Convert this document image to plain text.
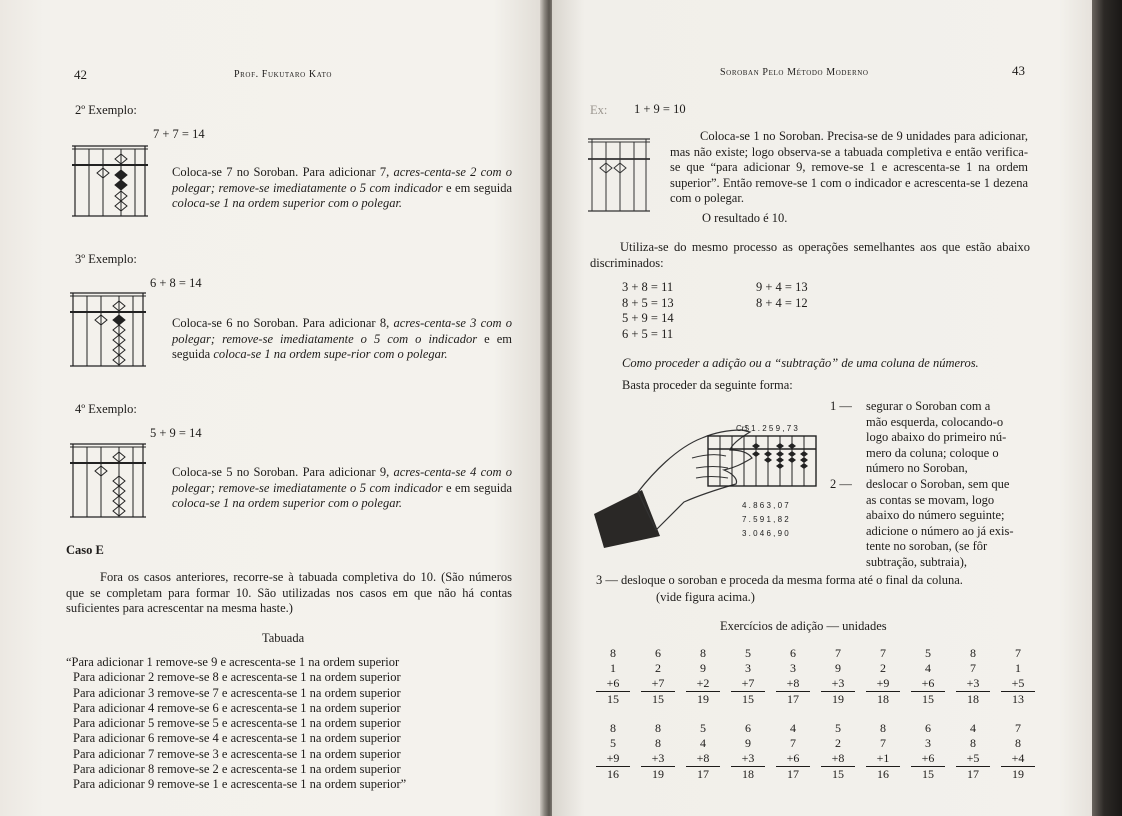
42	Prof. Fukutaro Kato
2º Exemplo:
7 + 7 = 14
Coloca-se 7 no Soroban. Para adicionar 7, acres-centa-se 2 com o polegar; remove-se imediatamente o 5 com indicador e em seguida coloca-se 1 na ordem superior com o polegar.
3º Exemplo:
6 + 8 = 14
Coloca-se 6 no Soroban. Para adicionar 8, acres-centa-se 3 com o polegar; remove-se imediatamente o 5 com o indicador e em seguida coloca-se 1 na ordem supe-rior com o polegar.
4º Exemplo:
5 + 9 = 14
Coloca-se 5 no Soroban. Para adicionar 9, acres-centa-se 4 com o polegar; remove-se imediatamente o 5 com indicador e em seguida coloca-se 1 na ordem superior com o polegar.
Caso E
Fora os casos anteriores, recorre-se à tabuada completiva do 10. (São números que se completam para formar 10. São utilizadas nos casos em que não há contas suficientes para acrescentar na mesma haste.)
Tabuada
“Para adicionar 1 remove-se 9 e acrescenta-se 1 na ordem superior
Para adicionar 2 remove-se 8 e acrescenta-se 1 na ordem superior
Para adicionar 3 remove-se 7 e acrescenta-se 1 na ordem superior
Para adicionar 4 remove-se 6 e acrescenta-se 1 na ordem superior
Para adicionar 5 remove-se 5 e acrescenta-se 1 na ordem superior
Para adicionar 6 remove-se 4 e acrescenta-se 1 na ordem superior
Para adicionar 7 remove-se 3 e acrescenta-se 1 na ordem superior
Para adicionar 8 remove-se 2 e acrescenta-se 1 na ordem superior
Para adicionar 9 remove-se 1 e acrescenta-se 1 na ordem superior”
Soroban Pelo Método Moderno	43
Ex: 1 + 9 = 10
Coloca-se 1 no Soroban. Precisa-se de 9 unidades para adicionar, mas não existe; logo observa-se a tabuada completiva e então verifica-se que “para adicionar 9, remove-se 1 e acrescenta-se 1 na ordem superior”. Então remove-se 1 com o indicador e acrescenta-se 1 dezena com o polegar.
O resultado é 10.
Utiliza-se do mesmo processo as operações semelhantes aos que estão abaixo discriminados:
3 + 8 = 11
8 + 5 = 13
5 + 9 = 14
6 + 5 = 11
9 + 4 = 13
8 + 4 = 12
Como proceder a adição ou a “subtração” de uma coluna de números.
Basta proceder da seguinte forma:
Cr$ 1 . 2 5 9 , 7 3
4 . 8 6 3 , 0 7
7 . 5 9 1 , 8 2
3 . 0 4 6 , 9 0
1 — segurar o Soroban com a
mão esquerda, colocando-o
logo abaixo do primeiro nú-
mero da coluna; coloque o
número no Soroban,
2 — deslocar o Soroban, sem que
as contas se movam, logo
abaixo do número seguinte;
adicione o número ao já exis-
tente no soroban, (se fôr
subtração, subtraia),
3 — desloque o soroban e proceda da mesma forma até o final da coluna.
(vide figura acima.)
Exercícios de adição — unidades
8
1
+6
15
6
2
+7
15
8
9
+2
19
5
3
+7
15
6
3
+8
17
7
9
+3
19
7
2
+9
18
5
4
+6
15
8
7
+3
18
7
1
+5
13
8
5
+9
16
8
8
+3
19
5
4
+8
17
6
9
+3
18
4
7
+6
17
5
2
+8
15
8
7
+1
16
6
3
+6
15
4
8
+5
17
7
8
+4
19
